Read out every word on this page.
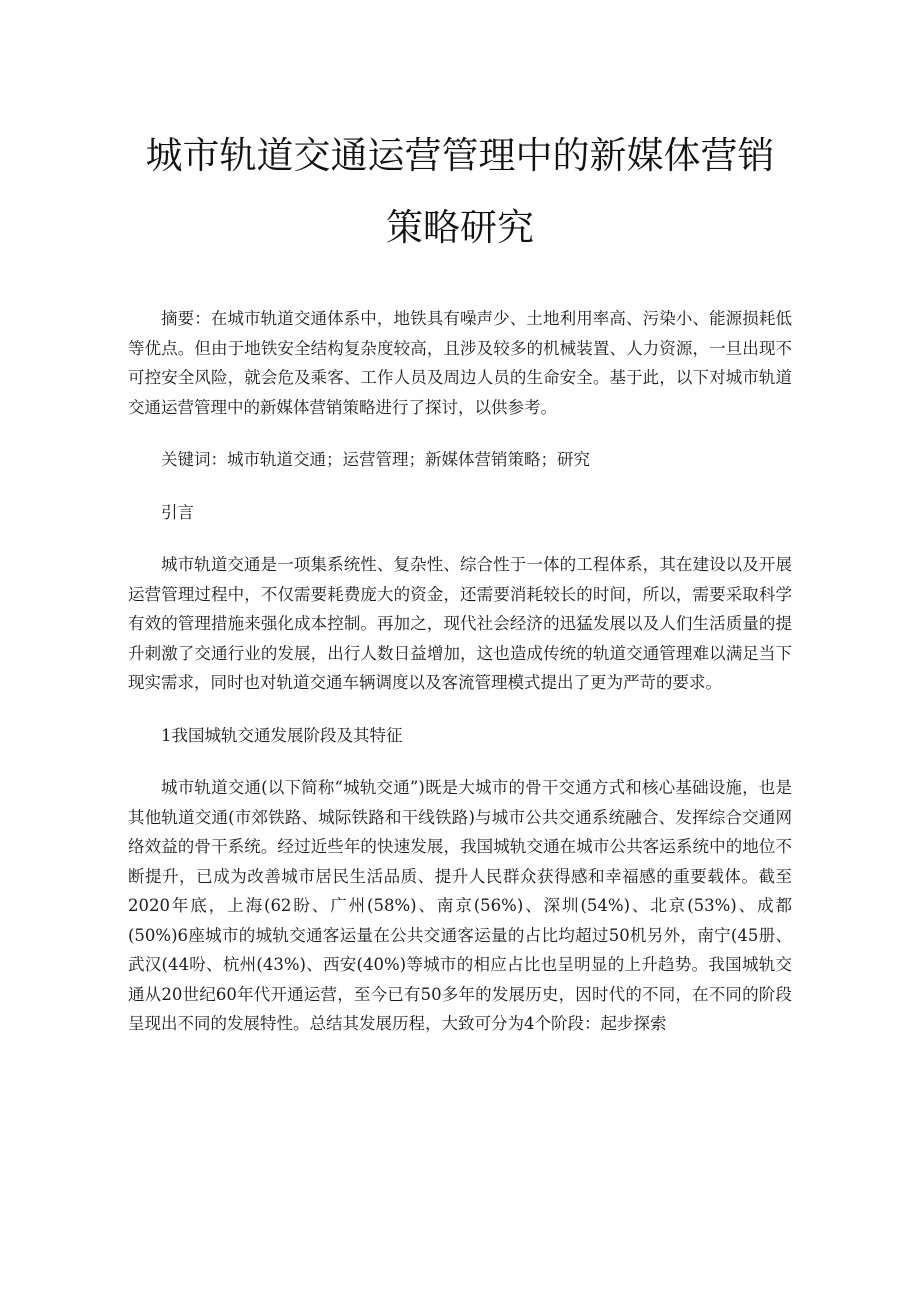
城市轨道交通运营管理中的新媒体营销
策略研究

摘要：在城市轨道交通体系中，地铁具有噪声少、土地利用率高、污染小、能源损耗低等优点。但由于地铁安全结构复杂度较高，且涉及较多的机械装置、人力资源，一旦出现不可控安全风险，就会危及乘客、工作人员及周边人员的生命安全。基于此，以下对城市轨道交通运营管理中的新媒体营销策略进行了探讨，以供参考。

关键词：城市轨道交通；运营管理；新媒体营销策略；研究

引言

城市轨道交通是一项集系统性、复杂性、综合性于一体的工程体系，其在建设以及开展运营管理过程中，不仅需要耗费庞大的资金，还需要消耗较长的时间，所以，需要采取科学有效的管理措施来强化成本控制。再加之，现代社会经济的迅猛发展以及人们生活质量的提升刺激了交通行业的发展，出行人数日益增加，这也造成传统的轨道交通管理难以满足当下现实需求，同时也对轨道交通车辆调度以及客流管理模式提出了更为严苛的要求。

1我国城轨交通发展阶段及其特征

城市轨道交通(以下简称“城轨交通”)既是大城市的骨干交通方式和核心基础设施，也是其他轨道交通(市郊铁路、城际铁路和干线铁路)与城市公共交通系统融合、发挥综合交通网络效益的骨干系统。经过近些年的快速发展，我国城轨交通在城市公共客运系统中的地位不断提升，已成为改善城市居民生活品质、提升人民群众获得感和幸福感的重要载体。截至2020年底，上海(62盼、广州(58%)、南京(56%)、深圳(54%)、北京(53%)、成都(50%)6座城市的城轨交通客运量在公共交通客运量的占比均超过50机另外，南宁(45册、武汉(44吩、杭州(43%)、西安(40%)等城市的相应占比也呈明显的上升趋势。我国城轨交通从20世纪60年代开通运营，至今已有50多年的发展历史，因时代的不同，在不同的阶段呈现出不同的发展特性。总结其发展历程，大致可分为4个阶段：起步探索
